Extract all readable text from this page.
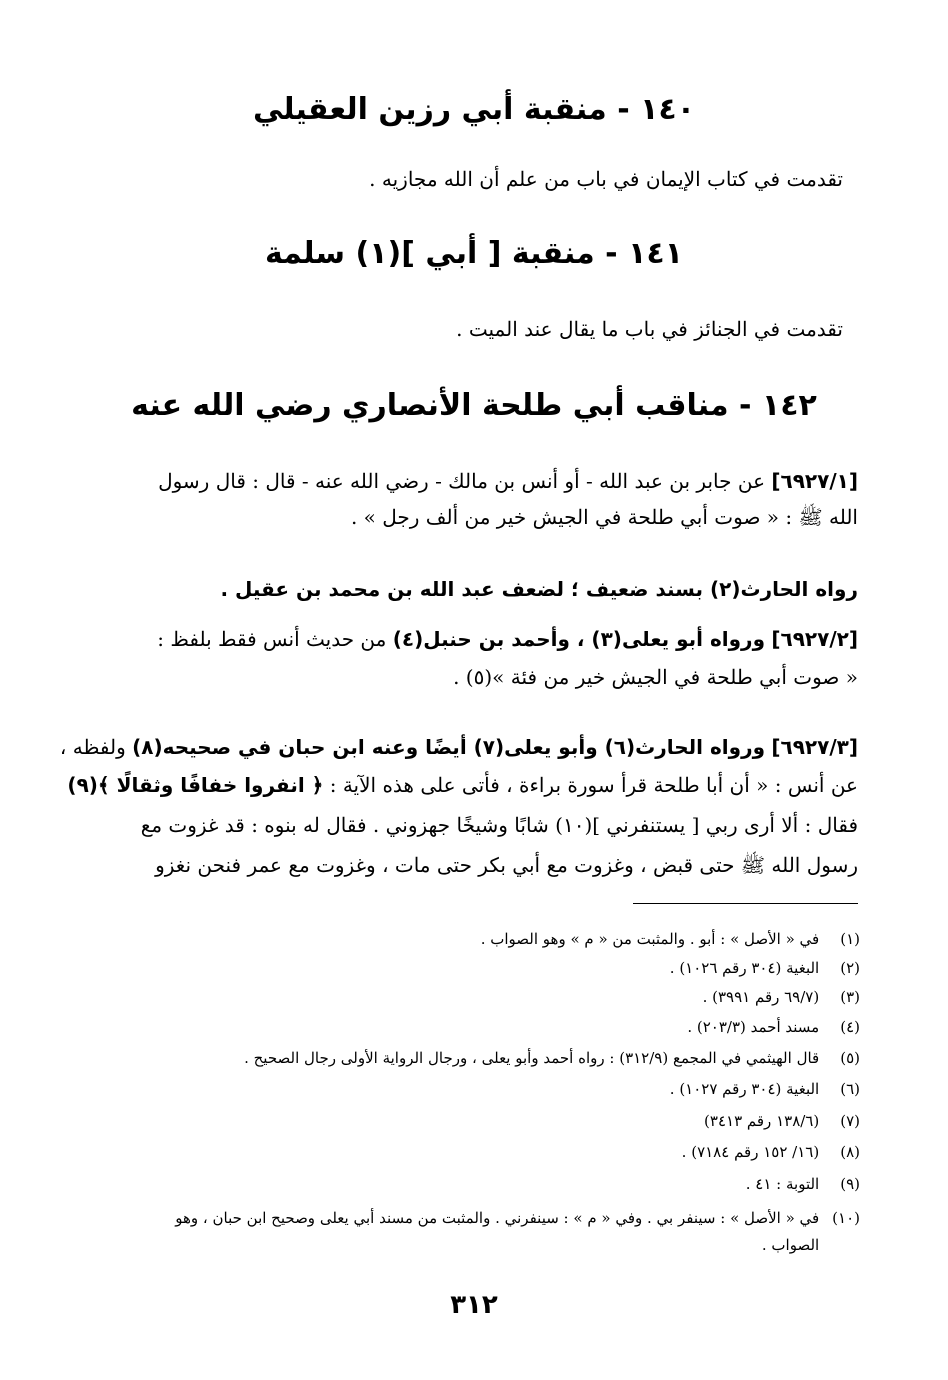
١٤٠ - منقبة أبي رزين العقيلي
تقدمت في كتاب الإيمان في باب من علم أن الله مجازيه .
١٤١ - منقبة [ أبي ](١) سلمة
تقدمت في الجنائز في باب ما يقال عند الميت .
١٤٢ - مناقب أبي طلحة الأنصاري رضي الله عنه
[٦٩٢٧/١] عن جابر بن عبد الله - أو أنس بن مالك - رضي الله عنه - قال : قال رسول
الله ﷺ : « صوت أبي طلحة في الجيش خير من ألف رجل » .
رواه الحارث(٢) بسند ضعيف ؛ لضعف عبد الله بن محمد بن عقيل .
[٦٩٢٧/٢] ورواه أبو يعلى(٣) ، وأحمد بن حنبل(٤) من حديث أنس فقط بلفظ :
« صوت أبي طلحة في الجيش خير من فئة »(٥) .
[٦٩٢٧/٣] ورواه الحارث(٦) وأبو يعلى(٧) أيضًا وعنه ابن حبان في صحيحه(٨) ولفظه ،
عن أنس : « أن أبا طلحة قرأ سورة براءة ، فأتى على هذه الآية : ﴿ انفروا خفافًا وثقالًا ﴾(٩)
فقال : ألا أرى ربي [ يستنفرني ](١٠) شابًا وشيخًا جهزوني . فقال له بنوه : قد غزوت مع
رسول الله ﷺ حتى قبض ، وغزوت مع أبي بكر حتى مات ، وغزوت مع عمر فنحن نغزو
(١) في « الأصل » : أبو . والمثبت من « م » وهو الصواب .
(٢) البغية (٣٠٤ رقم ١٠٢٦) .
(٣) (٦٩/٧ رقم ٣٩٩١) .
(٤) مسند أحمد (٢٠٣/٣) .
(٥) قال الهيثمي في المجمع (٣١٢/٩) : رواه أحمد وأبو يعلى ، ورجال الرواية الأولى رجال الصحيح .
(٦) البغية (٣٠٤ رقم ١٠٢٧) .
(٧) (١٣٨/٦ رقم ٣٤١٣)
(٨) (١٦/ ١٥٢ رقم ٧١٨٤) .
(٩) التوبة : ٤١ .
(١٠) في « الأصل » : سينفر بي . وفي « م » : سينفرني . والمثبت من مسند أبي يعلى وصحيح ابن حبان ، وهو
الصواب .
٣١٢
